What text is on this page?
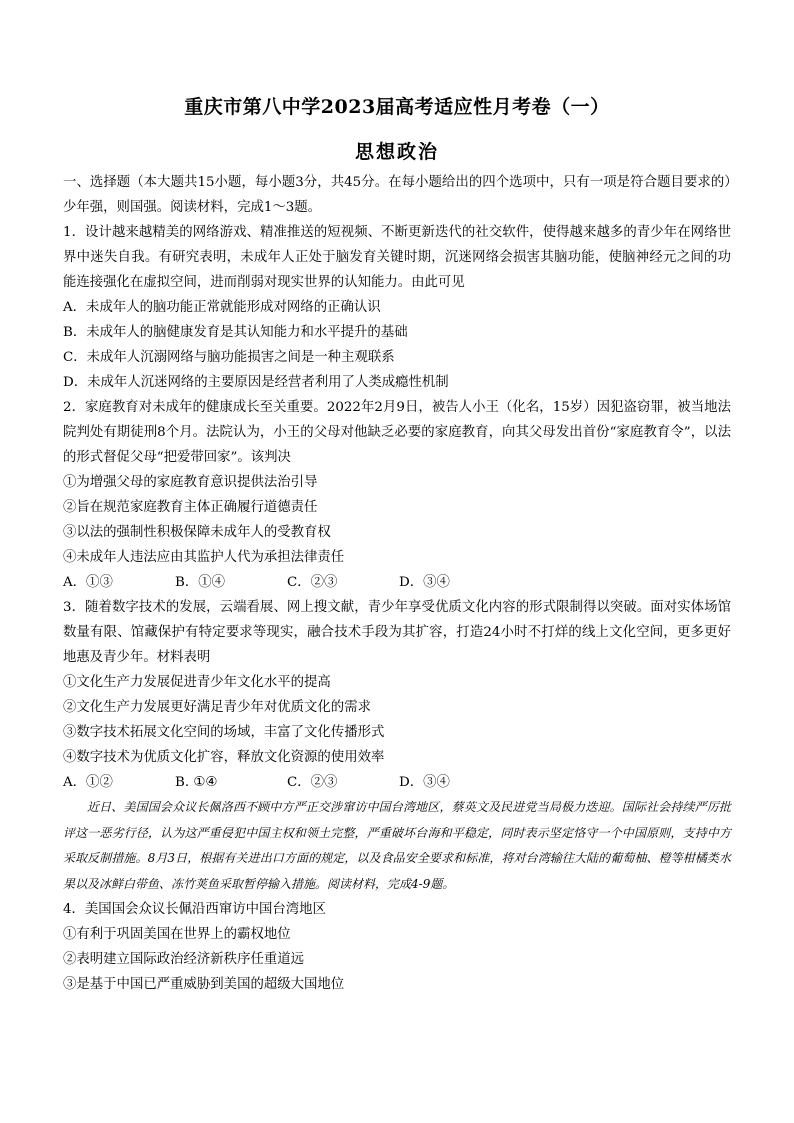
重庆市第八中学2023届高考适应性月考卷（一）
思想政治

一、选择题（本大题共15小题，每小题3分，共45分。在每小题给出的四个选项中，只有一项是符合题目要求的）少年强，则国强。阅读材料，完成1～3题。

1．设计越来越精美的网络游戏、精准推送的短视频、不断更新迭代的社交软件，使得越来越多的青少年在网络世界中迷失自我。有研究表明，未成年人正处于脑发育关键时期，沉迷网络会损害其脑功能，使脑神经元之间的功能连接强化在虚拟空间，进而削弱对现实世界的认知能力。由此可见

A．未成年人的脑功能正常就能形成对网络的正确认识

B．未成年人的脑健康发育是其认知能力和水平提升的基础

C．未成年人沉溺网络与脑功能损害之间是一种主观联系

D．未成年人沉迷网络的主要原因是经营者利用了人类成瘾性机制

2．家庭教育对未成年的健康成长至关重要。2022年2月9日，被告人小王（化名，15岁）因犯盗窃罪，被当地法院判处有期徒刑8个月。法院认为，小王的父母对他缺乏必要的家庭教育，向其父母发出首份“家庭教育令”，以法的形式督促父母“把爱带回家”。该判决

①为增强父母的家庭教育意识提供法治引导

②旨在规范家庭教育主体正确履行道德责任

③以法的强制性积极保障未成年人的受教育权

④未成年人违法应由其监护人代为承担法律责任

A．①③	B．①④	C．②③	D．③④

3．随着数字技术的发展，云端看展、网上搜文献，青少年享受优质文化内容的形式限制得以突破。面对实体场馆数量有限、馆藏保护有特定要求等现实，融合技术手段为其扩容，打造24小时不打烊的线上文化空间，更多更好地惠及青少年。材料表明

①文化生产力发展促进青少年文化水平的提高

②文化生产力发展更好满足青少年对优质文化的需求

③数字技术拓展文化空间的场域，丰富了文化传播形式

④数字技术为优质文化扩容，释放文化资源的使用效率

A．①②	B. ①④	C．②③	D．③④

近日、美国国会众议长佩洛西不顾中方严正交涉窜访中国台湾地区，蔡英文及民进党当局极力迭迎。国际社会持续严厉批评这一恶劣行径，认为这严重侵犯中国主权和领土完整，严重破坏台海和平稳定，同时表示坚定恪守一个中国原则，支持中方采取反制措施。8月3日，根据有关进出口方面的规定，以及食品安全要求和标准，将对台湾输往大陆的葡萄柚、橙等柑橘类水果以及冰鲜白带鱼、冻竹荚鱼采取暂停输入措施。阅读材料，完成4-9题。

4．美国国会众议长佩沿西窜访中国台湾地区

①有利于巩固美国在世界上的霸权地位

②表明建立国际政治经济新秩序任重道远

③是基于中国已严重威胁到美国的超级大国地位
